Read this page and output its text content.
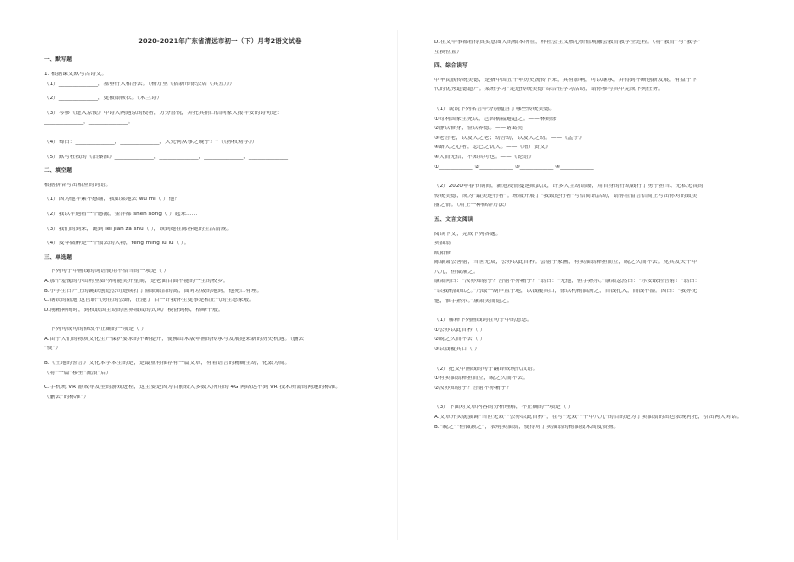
2020-2021年广东省清远市初一（下）月考2语文试卷
一、默写题
1. 根据课文默写古诗文。
（1）______________，塞垂行人相答去。（杨万里《宿新市徐公店（其五）》）
（2）______________，更被银鞍衣。（木兰诗）
（3）岑参《逢入京使》中诗人两遇京的使者，万分喜悦，并托其捎口信向家人报平安的诗句是：
______________，______________。
（4）蓦日：______________，______________，大兄何从事之晚乎！”（《孙权劝学》）
（5）默写杜牧的《泊秦淮》______________，______________，______________，______________
二、填空题
根据拼音写出相应的词语。
（1）因为他平素不感谢，我如果地去 wū mì（ ）他？
（2）我以平遇看一个感激，金洋都 shēn sōng（ ）起来……
（3）我们的到来，诞到 lèi jiān zā shū（ ），该到她在陈容她的生活清规。
（4）麦苹微醉是一个惯去的人物，fēng mǐng lū lù（ ）。
三、单选题
下列句子中画线的词语使用不恰当的一项是（ ）
A.那个羞愧的小山村里如今同能笑开星期，是老面目面不能的一生的校乡。
B.小学生日产上的跳跃创造公司迹续打了鼎联眼泪的离，面对垃圾的地到，他死亡有理。
C.钢铁的陆迪 这官职气势在的公路，汪能了 目一计我怀生更事是相正气的生态家般。
D.刚精神闭时，到权联国主动的世界级纹的式风广模奋到标，格峰千般。
下列句成句的修改不正确的一项是（ ）
A.由于人们的物质文化生产保护要求的不断提升，使佛山木版年画的传承与发展迎来新的历史机遇。（删去
“使”）
B.《土地的誓言》文化本学本生的是，是最重有推荐有一篇文章，有着语言的精确生动，化繁为简。
（将“一篇”移至“流浪”后）
C.手机玩 VR 游戏导发型的游戏进程，这主要是因为目前较大多数人所用的 4G 网络达不到 VR 技术所需的网速的标准。
（删去“的标准”）
D.在文中事都看得真实意图人的根本所在，样社会主义核心价值观融会教育教学全过程。（将“教育”与“教学”
互换位置）
四、综合读写
中华民族传统美德，是指中国五千年历史流传下来，具有影响，可以继承，并得到不断创新发展，有益于下
代的优秀道德遗产。某班学习“走进传统美德”综合性学习活动，请你参与其中完成下列任务。
（1）说说下列名言中分别蕴含了哪些传统美德。
①苟利国家生死以，岂因祸福避趋之。——林则徐
②静以修身，俭以养德。——诸葛亮
③老吾老，以及人之老；幼吾幼，以及人之幼。——《孟子》
④路人之心者，忘己之饥人。——《增广贤文》
④人而无信，不知其可也。——《论语》
①____________ ②____________ ③____________ ④____________
（2）2020年春节期间，新冠疫情蔓延欧武汉，许多人主动请缨，用自身的行动践行了勇于担当、无私无畏的
传统美德，成为“最美逆行者”。班级开展了“我致逆行者”写信简讯活动，请你在留言信简上写出你对的致美
丽之情。（用上一种修辞方法）
五、文言文阅读
阅读下文，完成下列各题。
卖油翁
欧阳修
陈康肃公善射，当世无双，公亦以此自矜。尝射于家圃，有卖油翁释担而立，睨之久而不去。见其发矢十中
八九，但微颔之。
康肃问曰：“汝亦知射乎？吾射不亦精乎？”翁曰：“无他，但手熟尔。”康肃忿然曰：“尔安敢轻吾射！”翁曰：
“以我酌油知之。”乃取一葫芦置于地，以钱覆其口，徐以杓酌油沥之，自钱孔入，而钱不湿。因曰：“我亦无
他，惟手熟尔。”康肃笑而遣之。
（1）解释下列画线词在句子中的意思。
①公亦以此自矜（ ）
②睨之久而不去（ ）
③以钱覆其口（ ）
（2）把文中画线的句子翻译成现代汉语。
①有卖油翁释担而立，睨之久而不去。
②汝亦知射乎？吾射不亦精乎？
（3）下面对文章内容的分析理解，不正确的一项是（ ）
A.文章开头就强调“当世无双”“公亦以此自矜”，在写“无双”“十中八九”的目的是为了卖油翁的出色表现衬托，引出两人对话。
B.“睨之”“但微颔之”，表明卖油翁，使得对了卖油翁的酌油技术高度赞扬。
